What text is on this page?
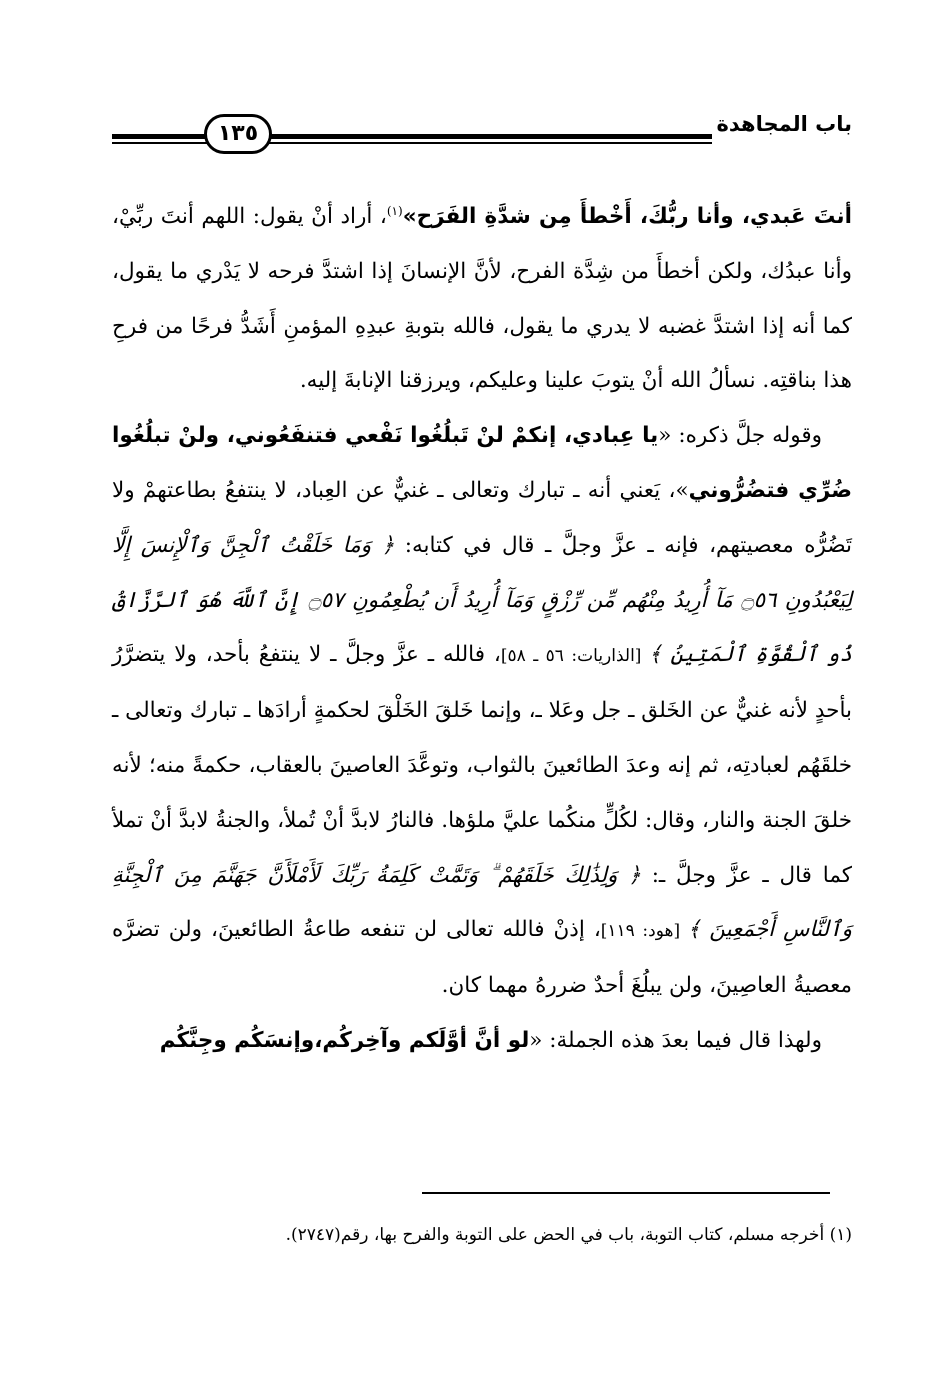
باب المجاهدة
١٣٥

أنتَ عَبدي، وأنا ربُّكَ، أَخْطأَ مِن شدَّةِ الفَرَح»$^{(١)}$، أراد أنْ يقول: اللهم أنتَ ربِّيْ، وأنا عبدُك، ولكن أخطأَ من شِدَّة الفرح، لأنَّ الإنسانَ إذا اشتدَّ فرحه لا يَدْري ما يقول، كما أنه إذا اشتدَّ غضبه لا يدري ما يقول، فالله بتوبةِ عبدِهِ المؤمنِ أَشَدُّ فرحًا من فرحِ هذا بناقتِه. نسألُ الله أنْ يتوبَ علينا وعليكم، ويرزقنا الإنابةَ إليه.

وقوله جلَّ ذكره: «يا عِبادي، إنكمْ لنْ تَبلُغُوا نَفْعي فتنفَعُوني، ولنْ تبلُغُوا ضُرِّي فتضُرُّوني»، يَعني أنه ـ تبارك وتعالى ـ غنيٌّ عن العِباد، لا ينتفعُ بطاعتهمْ ولا تَضُرُّه معصيتهم، فإنه ـ عزَّ وجلَّ ـ قال في كتابه: ﴿ وَمَا خَلَقْتُ ٱلْجِنَّ وَٱلْإِنسَ إِلَّا لِيَعْبُدُونِ ۝٥٦ مَآ أُرِيدُ مِنْهُم مِّن رِّزْقٍ وَمَآ أُرِيدُ أَن يُطْعِمُونِ ۝٥٧ إِنَّ ٱللَّهَ هُوَ ٱلرَّزَّاقُ ذُو ٱلْقُوَّةِ ٱلْمَتِينُ ﴾ [الذاريات: ٥٦ ـ ٥٨]، فالله ـ عزَّ وجلَّ ـ لا ينتفعُ بأحد، ولا يتضرَّرُ بأحدٍ لأنه غنيٌّ عن الخَلق ـ جل وعَلا ـ، وإنما خَلقَ الخَلْقَ لحكمةٍ أرادَها ـ تبارك وتعالى ـ خلقَهُم لعبادتِه، ثم إنه وعدَ الطائعينَ بالثواب، وتوعَّدَ العاصينَ بالعقاب، حكمةً منه؛ لأنه خلقَ الجنة والنار، وقال: لكُلٍّ منكُما عليَّ ملؤها. فالنارُ لابدَّ أنْ تُملأ، والجنةُ لابدَّ أنْ تملأ كما قال ـ عزَّ وجلَّ ـ: ﴿ وَلِذَٰلِكَ خَلَقَهُمْ ۗ وَتَمَّتْ كَلِمَةُ رَبِّكَ لَأَمْلَأَنَّ جَهَنَّمَ مِنَ ٱلْجِنَّةِ وَٱلنَّاسِ أَجْمَعِينَ ﴾ [هود: ١١٩]، إذنْ فالله تعالى لن تنفعه طاعةُ الطائعينَ، ولن تضرَّه معصيةُ العاصِينَ، ولن يبلُغَ أحدٌ ضررهُ مهما كان.

ولهذا قال فيما بعدَ هذه الجملة: «لو أنَّ أوَّلَكم وآخِركُم،وإنسَكُم وجِنَّكُم

(١) أخرجه مسلم، كتاب التوبة، باب في الحض على التوبة والفرح بها، رقم(٢٧٤٧).
